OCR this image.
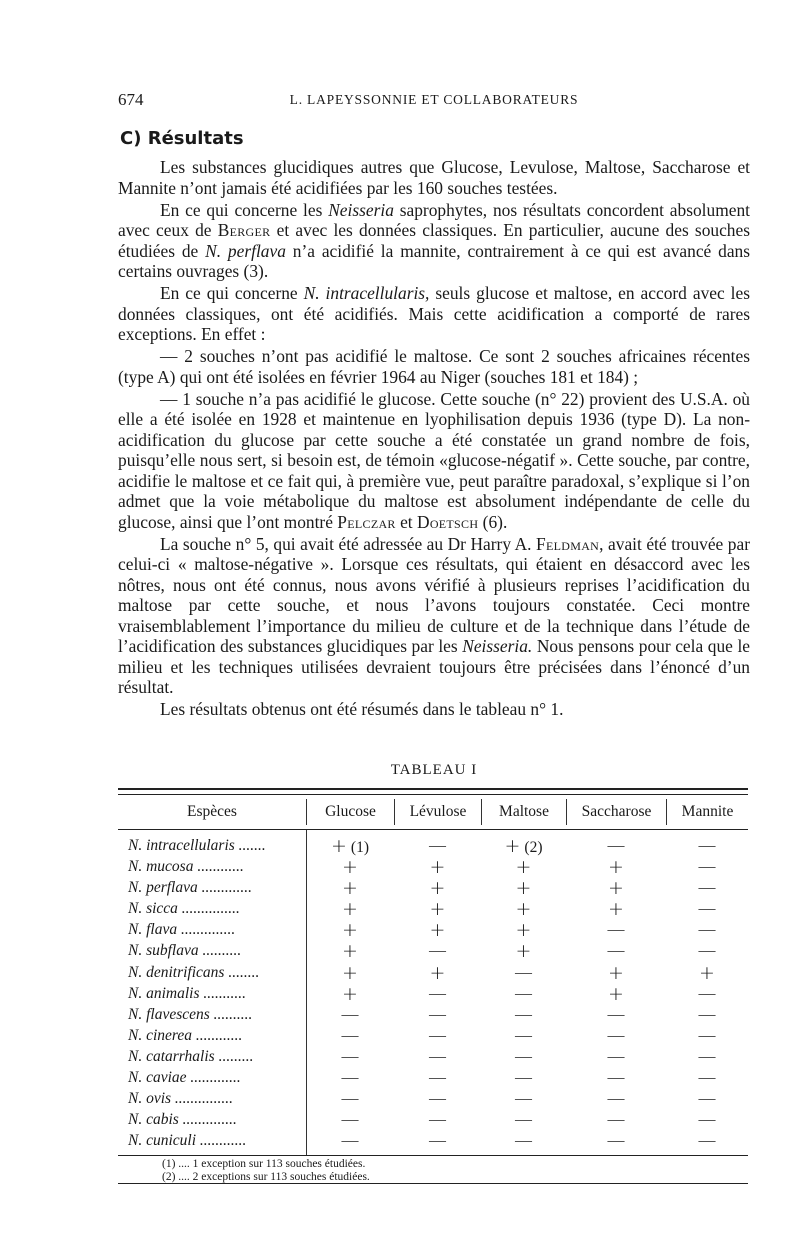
674	L. LAPEYSSONNIE ET COLLABORATEURS
C) Résultats

Les substances glucidiques autres que Glucose, Levulose, Maltose, Saccharose et Mannite n’ont jamais été acidifiées par les 160 souches testées.

En ce qui concerne les Neisseria saprophytes, nos résultats concordent absolument avec ceux de Berger et avec les données classiques. En particulier, aucune des souches étudiées de N. perflava n’a acidifié la mannite, contrairement à ce qui est avancé dans certains ouvrages (3).

En ce qui concerne N. intracellularis, seuls glucose et maltose, en accord avec les données classiques, ont été acidifiés. Mais cette acidification a comporté de rares exceptions. En effet :

— 2 souches n’ont pas acidifié le maltose. Ce sont 2 souches africaines récentes (type A) qui ont été isolées en février 1964 au Niger (souches 181 et 184) ;

— 1 souche n’a pas acidifié le glucose. Cette souche (n° 22) provient des U.S.A. où elle a été isolée en 1928 et maintenue en lyophilisation depuis 1936 (type D). La non-acidification du glucose par cette souche a été constatée un grand nombre de fois, puisqu’elle nous sert, si besoin est, de témoin «glucose-négatif ». Cette souche, par contre, acidifie le maltose et ce fait qui, à première vue, peut paraître paradoxal, s’explique si l’on admet que la voie métabolique du maltose est absolument indépendante de celle du glucose, ainsi que l’ont montré Pelczar et Doetsch (6).

La souche n° 5, qui avait été adressée au Dr Harry A. Feldman, avait été trouvée par celui-ci « maltose-négative ». Lorsque ces résultats, qui étaient en désaccord avec les nôtres, nous ont été connus, nous avons vérifié à plusieurs reprises l’acidification du maltose par cette souche, et nous l’avons toujours constatée. Ceci montre vraisemblablement l’importance du milieu de culture et de la technique dans l’étude de l’acidification des substances glucidiques par les Neisseria. Nous pensons pour cela que le milieu et les techniques utilisées devraient toujours être précisées dans l’énoncé d’un résultat.

Les résultats obtenus ont été résumés dans le tableau n° 1.

TABLEAU I
Espèces	Glucose	Lévulose	Maltose	Saccharose	Mannite
N. intracellularis .......	+ (1)	—	+ (2)	—	—
N. mucosa ............	+	+	+	+	—
N. perflava .............	+	+	+	+	—
N. sicca ...............	+	+	+	+	—
N. flava ..............	+	+	+	—	—
N. subflava ..........	+	—	+	—	—
N. denitrificans ........	+	+	—	+	+
N. animalis ...........	+	—	—	+	—
N. flavescens ..........	—	—	—	—	—
N. cinerea ............	—	—	—	—	—
N. catarrhalis .........	—	—	—	—	—
N. caviae .............	—	—	—	—	—
N. ovis ...............	—	—	—	—	—
N. cabis ..............	—	—	—	—	—
N. cuniculi ............	—	—	—	—	—
(1) .... 1 exception sur 113 souches étudiées.
(2) .... 2 exceptions sur 113 souches étudiées.
